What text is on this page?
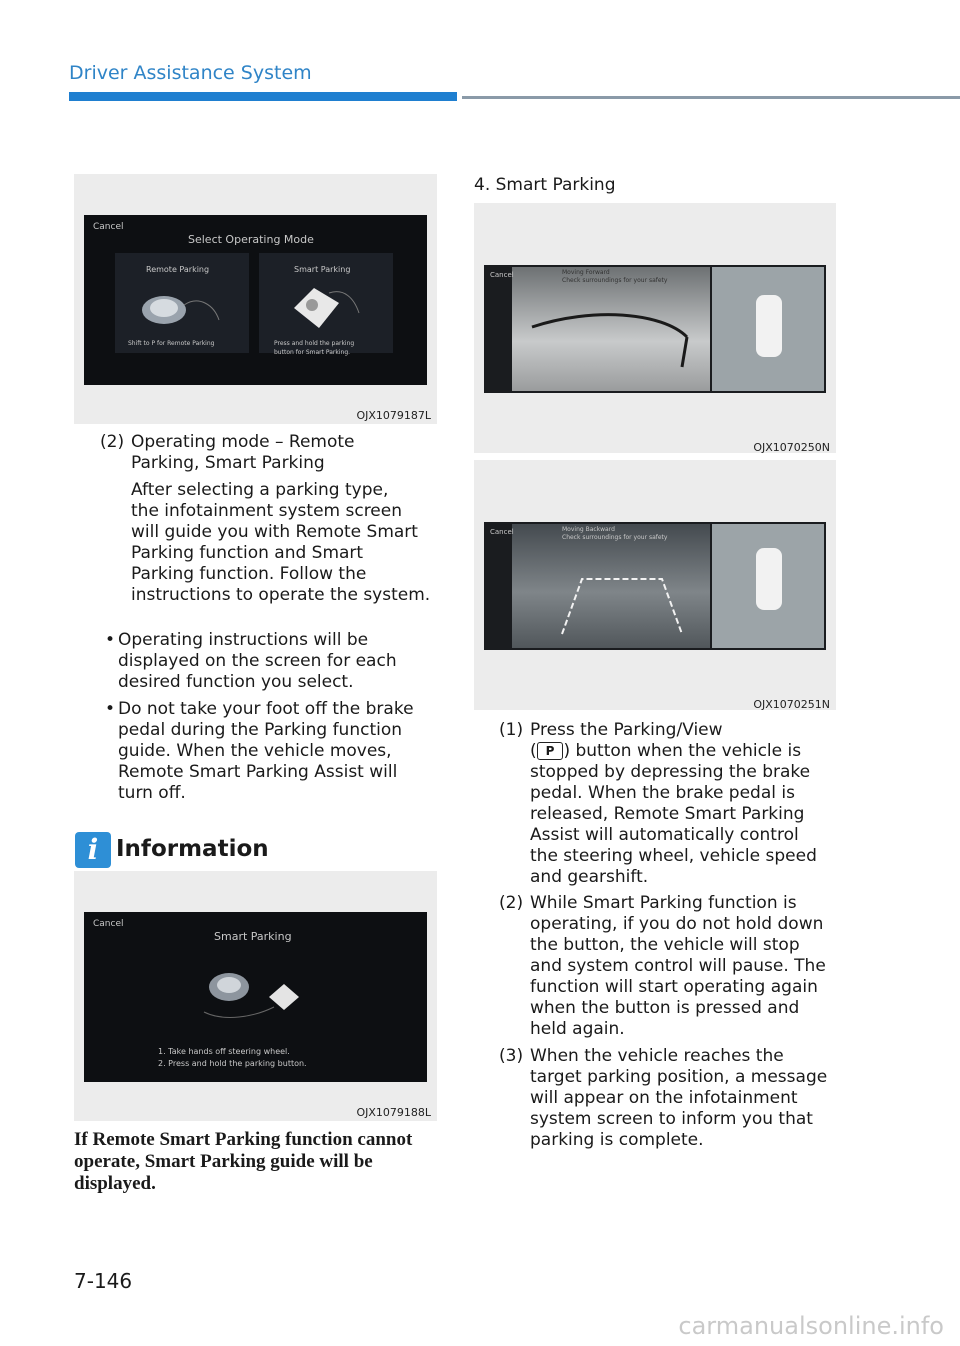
Driver Assistance System
Cancel
Select Operating Mode
Remote Parking	Smart Parking
Shift to P for Remote Parking	Press and hold the parking
button for Smart Parking.
OJX1079187L
(2) Operating mode – Remote
Parking, Smart Parking
After selecting a parking type,
the infotainment system screen
will guide you with Remote Smart
Parking function and Smart
Parking function. Follow the
instructions to operate the system.
• Operating instructions will be
displayed on the screen for each
desired function you select.
• Do not take your foot off the brake
pedal during the Parking function
guide. When the vehicle moves,
Remote Smart Parking Assist will
turn off.
i Information
Cancel
Smart Parking
1. Take hands off steering wheel.
2. Press and hold the parking button.
OJX1079188L
If Remote Smart Parking function cannot
operate, Smart Parking guide will be
displayed.
4. Smart Parking
Cancel	Moving Forward
Check surroundings for your safety
OJX1070250N
Cancel	Moving Backward
Check surroundings for your safety
OJX1070251N
(1) Press the Parking/View
( P ) button when the vehicle is
stopped by depressing the brake
pedal. When the brake pedal is
released, Remote Smart Parking
Assist will automatically control
the steering wheel, vehicle speed
and gearshift.
(2) While Smart Parking function is
operating, if you do not hold down
the button, the vehicle will stop
and system control will pause. The
function will start operating again
when the button is pressed and
held again.
(3) When the vehicle reaches the
target parking position, a message
will appear on the infotainment
system screen to inform you that
parking is complete.
7-146
carmanualsonline.info
